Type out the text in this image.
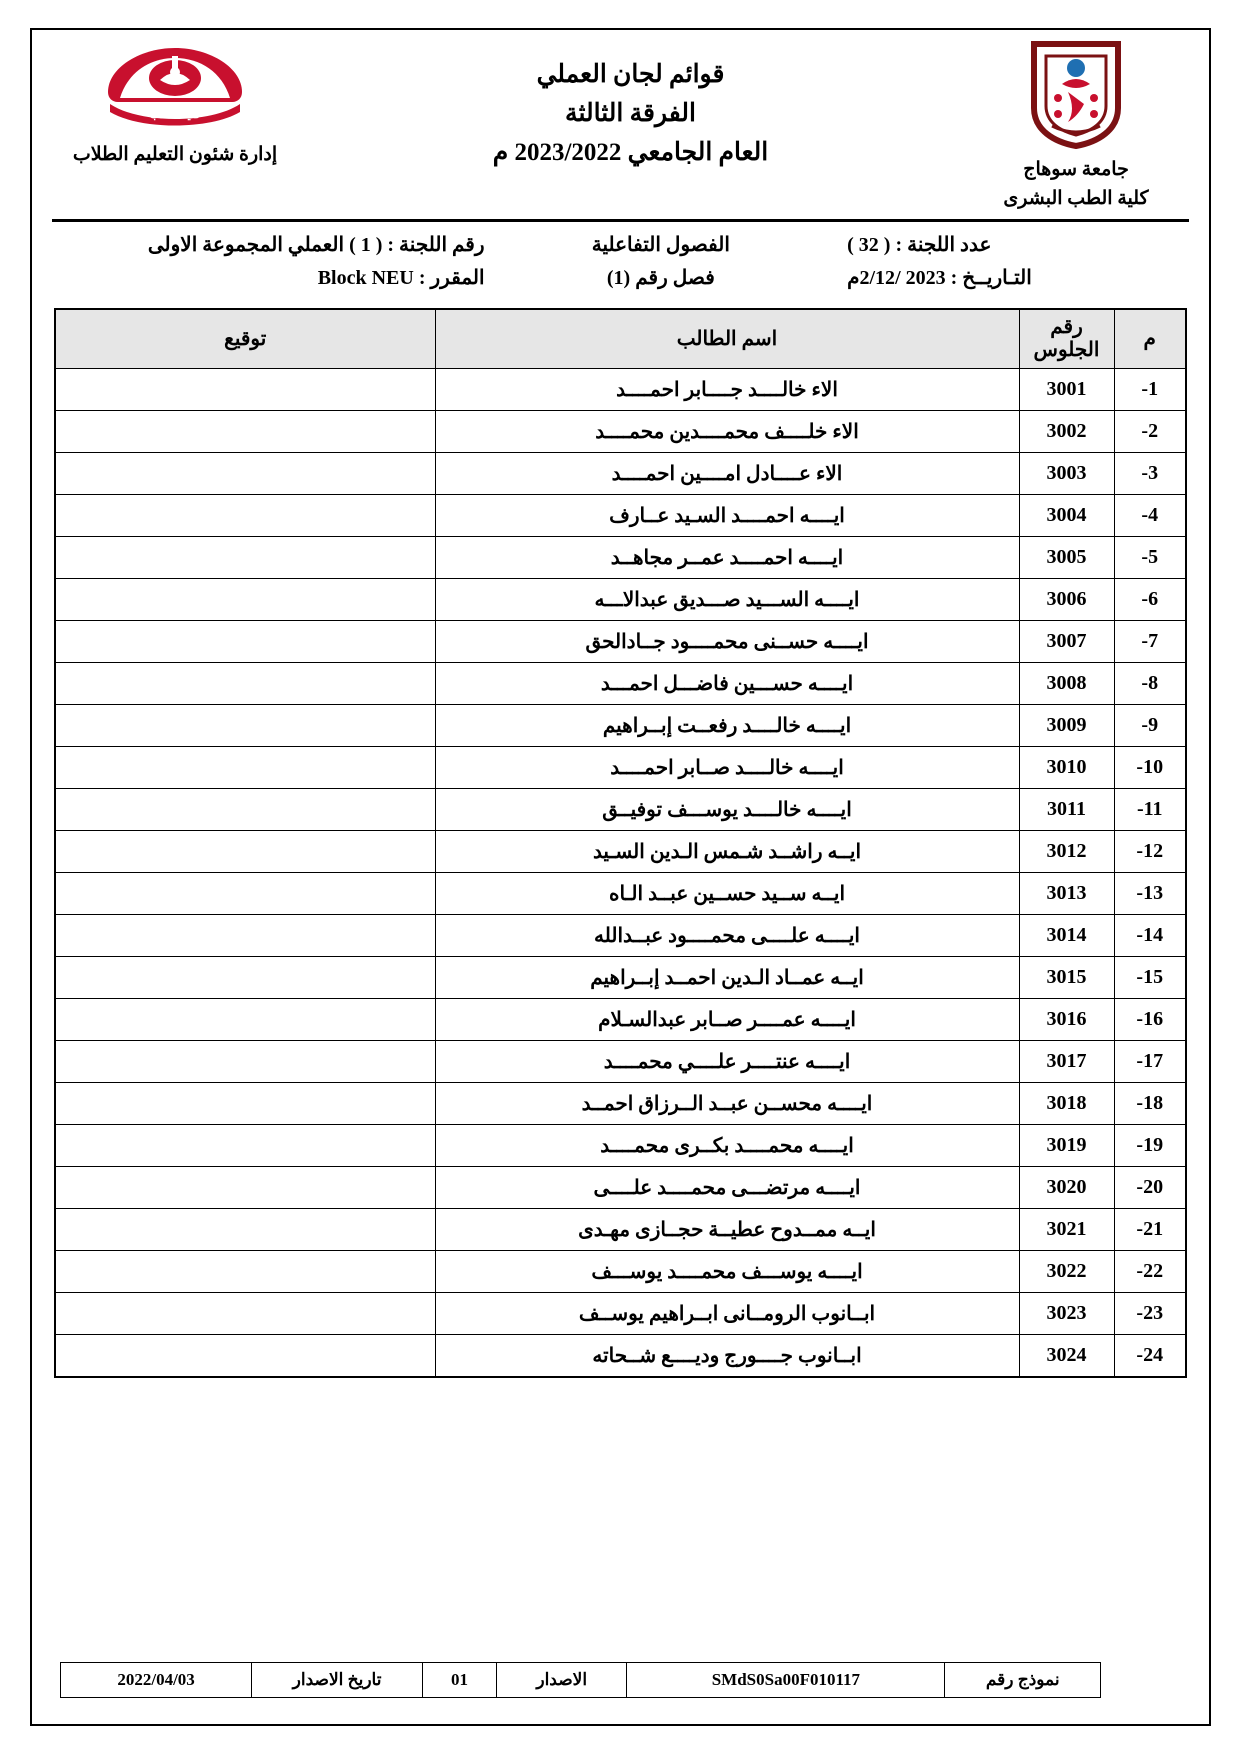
كلية الطب
إدارة شئون التعليم الطلاب
قوائم لجان العملي
الفرقة الثالثة
العام الجامعي 2023/2022 م
جامعة سوهاج
كلية الطب البشرى
رقم اللجنة : ( 1 ) العملي المجموعة الاولى	الفصول التفاعلية	عدد اللجنة : ( 32 )
المقرر : Block NEU	فصل رقم (1)	التـاريــخ : 2023 /2/12م
م	رقم الجلوس	اسم الطالب	توقيع
1-	3001	الاء خالــــد جــــابر احمــــد	
2-	3002	الاء خلــــف محمــــدين محمــــد	
3-	3003	الاء عــــادل امــــين احمــــد	
4-	3004	ايــــه احمــــد السـيد عــارف	
5-	3005	ايــــه احمــــد عمــر مجاهــد	
6-	3006	ايــــه الســـيد صـــديق عبدالاـــه	
7-	3007	ايــــه حســنى محمــــود جــادالحق	
8-	3008	ايــــه حســـين فاضـــل احمـــد	
9-	3009	ايــــه خالــــد رفعــت إبــراهيم	
10-	3010	ايــــه خالــــد صــابر احمــــد	
11-	3011	ايــــه خالــــد يوســـف توفيــق	
12-	3012	ايــه راشــد شـمس الـدين السـيد	
13-	3013	ايــه ســيد حســين عبــد الـاه	
14-	3014	ايــــه علــــى محمــــود عبــدالله	
15-	3015	ايــه عمــاد الـدين احمــد إبــراهيم	
16-	3016	ايــــه عمــــر صــابر عبدالسـلام	
17-	3017	ايــــه عنتــــر علــــي محمــــد	
18-	3018	ايــــه محســن عبــد الــرزاق احمــد	
19-	3019	ايــــه محمــــد بكــرى محمــــد	
20-	3020	ايــــه مرتضـــى محمــــد علــــى	
21-	3021	ايــه ممــدوح عطيــة حجــازى مهـدى	
22-	3022	ايــــه يوســـف محمــــد يوســـف	
23-	3023	ابــانوب الرومــانى ابــراهيم يوســف	
24-	3024	ابــانوب جــــورج وديــــع شــحاته	
نموذج رقم	SMdS0Sa00F010117	الاصدار	01	تاريخ الاصدار	2022/04/03
